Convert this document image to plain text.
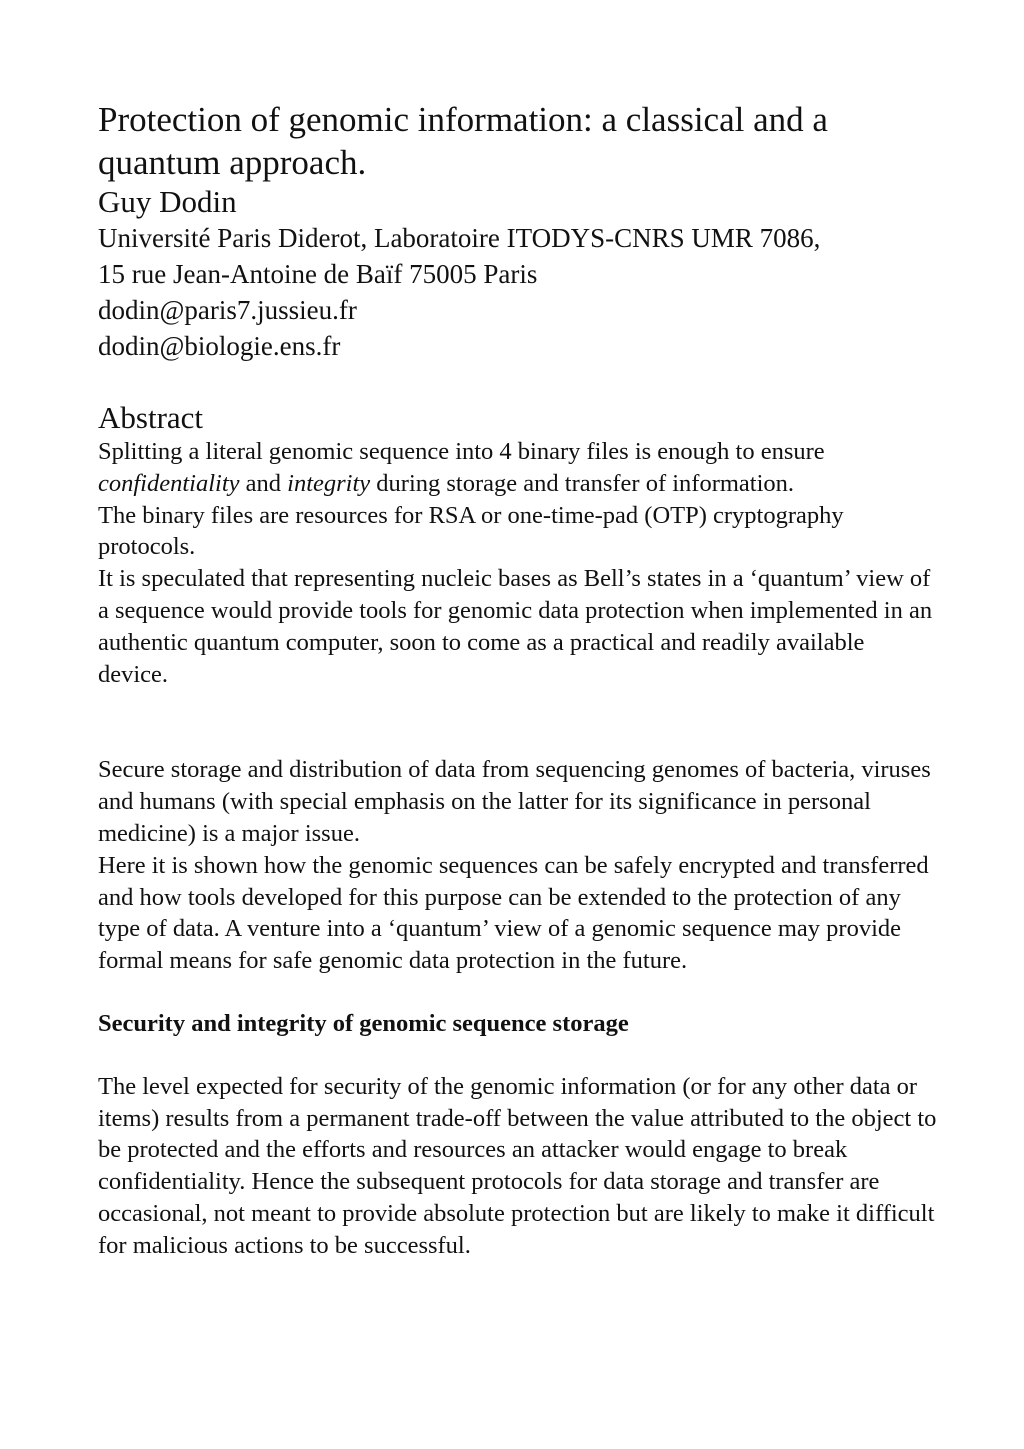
Protection of genomic information: a classical and a quantum approach.
Guy Dodin
Université Paris Diderot, Laboratoire ITODYS-CNRS UMR 7086,
15 rue Jean-Antoine de Baïf 75005 Paris
dodin@paris7.jussieu.fr
dodin@biologie.ens.fr
Abstract

Splitting a literal genomic sequence into 4 binary files is enough to ensure confidentiality and integrity during storage and transfer of information.

The binary files are resources for RSA or one-time-pad (OTP) cryptography protocols.

It is speculated that representing nucleic bases as Bell’s states in a ‘quantum’ view of a sequence would provide tools for genomic data protection when implemented in an authentic quantum computer, soon to come as a practical and readily available device.

Secure storage and distribution of data from sequencing genomes of bacteria, viruses and humans (with special emphasis on the latter for its significance in personal medicine) is a major issue.

Here it is shown how the genomic sequences can be safely encrypted and transferred and how tools developed for this purpose can be extended to the protection of any type of data. A venture into a ‘quantum’ view of a genomic sequence may provide formal means for safe genomic data protection in the future.

Security and integrity of genomic sequence storage

The level expected for security of the genomic information (or for any other data or items) results from a permanent trade-off between the value attributed to the object to be protected and the efforts and resources an attacker would engage to break confidentiality. Hence the subsequent protocols for data storage and transfer are occasional, not meant to provide absolute protection but are likely to make it difficult for malicious actions to be successful.
